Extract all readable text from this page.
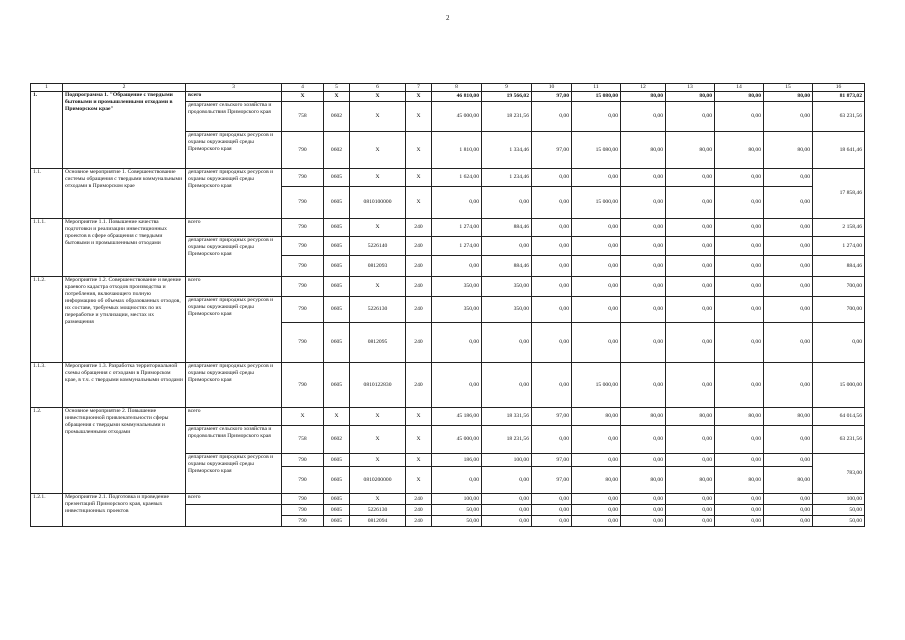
2
1	2	3	4	5	6	7	8	9	10	11	12	13	14	15	16
1.	Подпрограмма 1. "Обращение с твердыми бытовыми и промышленными отходами в Приморском крае"	всего	Х	Х	Х	Х	46 810,00	19 566,02	97,00	15 080,00	80,00	80,00	80,00	80,00	81 873,02
		департамент сельского хозяйства и продовольствия Приморского края	758	0602	Х	Х	45 000,00	18 231,56	0,00	0,00	0,00	0,00	0,00	0,00	63 231,56
		департамент природных ресурсов и охраны окружающей среды Приморского края	790	0602	Х	Х	1 810,00	1 334,46	97,00	15 080,00	80,00	80,00	80,00	80,00	18 641,46
1.1.	Основное мероприятие 1. Совершенствование системы обращения с твердыми коммунальными отходами в Приморском крае	департамент природных ресурсов и охраны окружающей среды Приморского края	790	0605	Х	Х	1 624,00	1 234,46	0,00	0,00	0,00	0,00	0,00	0,00	17 858,46
			790	0605	0810100000	Х	0,00	0,00	0,00	15 000,00	0,00	0,00	0,00	0,00	
1.1.1.	Мероприятие 1.1. Повышение качества подготовки и реализации инвестиционных проектов в сфере обращения с твердыми бытовыми и промышленными отходами	всего	790	0605	Х	240	1 274,00	884,46	0,00	0,00	0,00	0,00	0,00	0,00	2 158,46
		департамент природных ресурсов и охраны окружающей среды Приморского края	790	0605	5226140	240	1 274,00	0,00	0,00	0,00	0,00	0,00	0,00	0,00	1 274,00
			790	0605	0812093	240	0,00	884,46	0,00	0,00	0,00	0,00	0,00	0,00	884,46
1.1.2.	Мероприятие 1.2. Совершенствование и ведение краевого кадастра отходов производства и потребления, включающего полную информацию об объемах образованных отходов, их составе, требуемых мощностях по их переработке и утилизации, местах их размещения	всего	790	0605	Х	240	350,00	350,00	0,00	0,00	0,00	0,00	0,00	0,00	700,00
		департамент природных ресурсов и охраны окружающей среды Приморского края	790	0605	5226130	240	350,00	350,00	0,00	0,00	0,00	0,00	0,00	0,00	700,00
			790	0605	0812095	240	0,00	0,00	0,00	0,00	0,00	0,00	0,00	0,00	0,00
1.1.3.	Мероприятие 1.3. Разработка территориальной схемы обращения с отходами в Приморском крае, в т.ч. с твердыми коммунальными отходами	департамент природных ресурсов и охраны окружающей среды Приморского края	790	0605	0810122830	240	0,00	0,00	0,00	15 000,00	0,00	0,00	0,00	0,00	15 000,00
1.2.	Основное мероприятие 2. Повышение инвестиционной привлекательности сферы обращения с твердыми коммунальными и промышленными отходами	всего	Х	Х	Х	Х	45 186,00	18 331,56	97,00	80,00	80,00	80,00	80,00	80,00	64 014,56
		департамент сельского хозяйства и продовольствия Приморского края	758	0602	Х	Х	45 000,00	18 231,56	0,00	0,00	0,00	0,00	0,00	0,00	63 231,56
		департамент природных ресурсов и охраны окружающей среды Приморского края	790	0605	Х	Х	186,00	100,00	97,00	0,00	0,00	0,00	0,00	0,00	783,00
			790	0605	0810200000	Х	0,00	0,00	97,00	80,00	80,00	80,00	80,00	80,00	
1.2.1.	Мероприятие 2.1. Подготовка и проведение презентаций Приморского края, краевых инвестиционных проектов	всего	790	0605	Х	240	100,00	0,00	0,00	0,00	0,00	0,00	0,00	0,00	100,00
			790	0605	5226130	240	50,00	0,00	0,00	0,00	0,00	0,00	0,00	0,00	50,00
			790	0605	0812094	240	50,00	0,00	0,00	0,00	0,00	0,00	0,00	0,00	50,00
